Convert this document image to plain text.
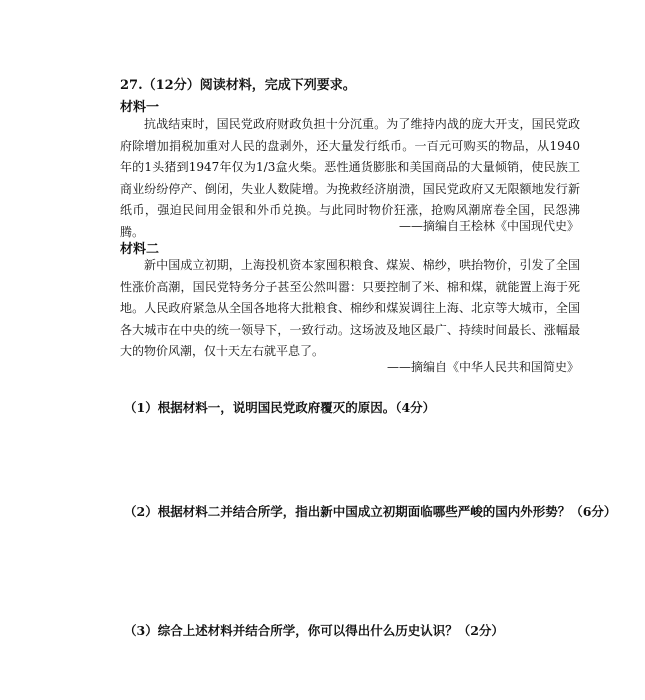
27.（12分）阅读材料，完成下列要求。
材料一
抗战结束时，国民党政府财政负担十分沉重。为了维持内战的庞大开支，国民党政府除增加捐税加重对人民的盘剥外，还大量发行纸币。一百元可购买的物品，从1940年的1头猪到1947年仅为1/3盒火柴。恶性通货膨胀和美国商品的大量倾销，使民族工商业纷纷停产、倒闭，失业人数陡增。为挽救经济崩溃，国民党政府又无限额地发行新纸币，强迫民间用金银和外币兑换。与此同时物价狂涨，抢购风潮席卷全国，民怨沸腾。	——摘编自王桧林《中国现代史》
材料二
新中国成立初期，上海投机资本家囤积粮食、煤炭、棉纱，哄抬物价，引发了全国性涨价高潮，国民党特务分子甚至公然叫嚣：只要控制了米、棉和煤，就能置上海于死地。人民政府紧急从全国各地将大批粮食、棉纱和煤炭调往上海、北京等大城市，全国各大城市在中央的统一领导下，一致行动。这场波及地区最广、持续时间最长、涨幅最大的物价风潮，仅十天左右就平息了。
——摘编自《中华人民共和国简史》
（1）根据材料一，说明国民党政府覆灭的原因。（4分）
（2）根据材料二并结合所学，指出新中国成立初期面临哪些严峻的国内外形势？（6分）
（3）综合上述材料并结合所学，你可以得出什么历史认识？（2分）
